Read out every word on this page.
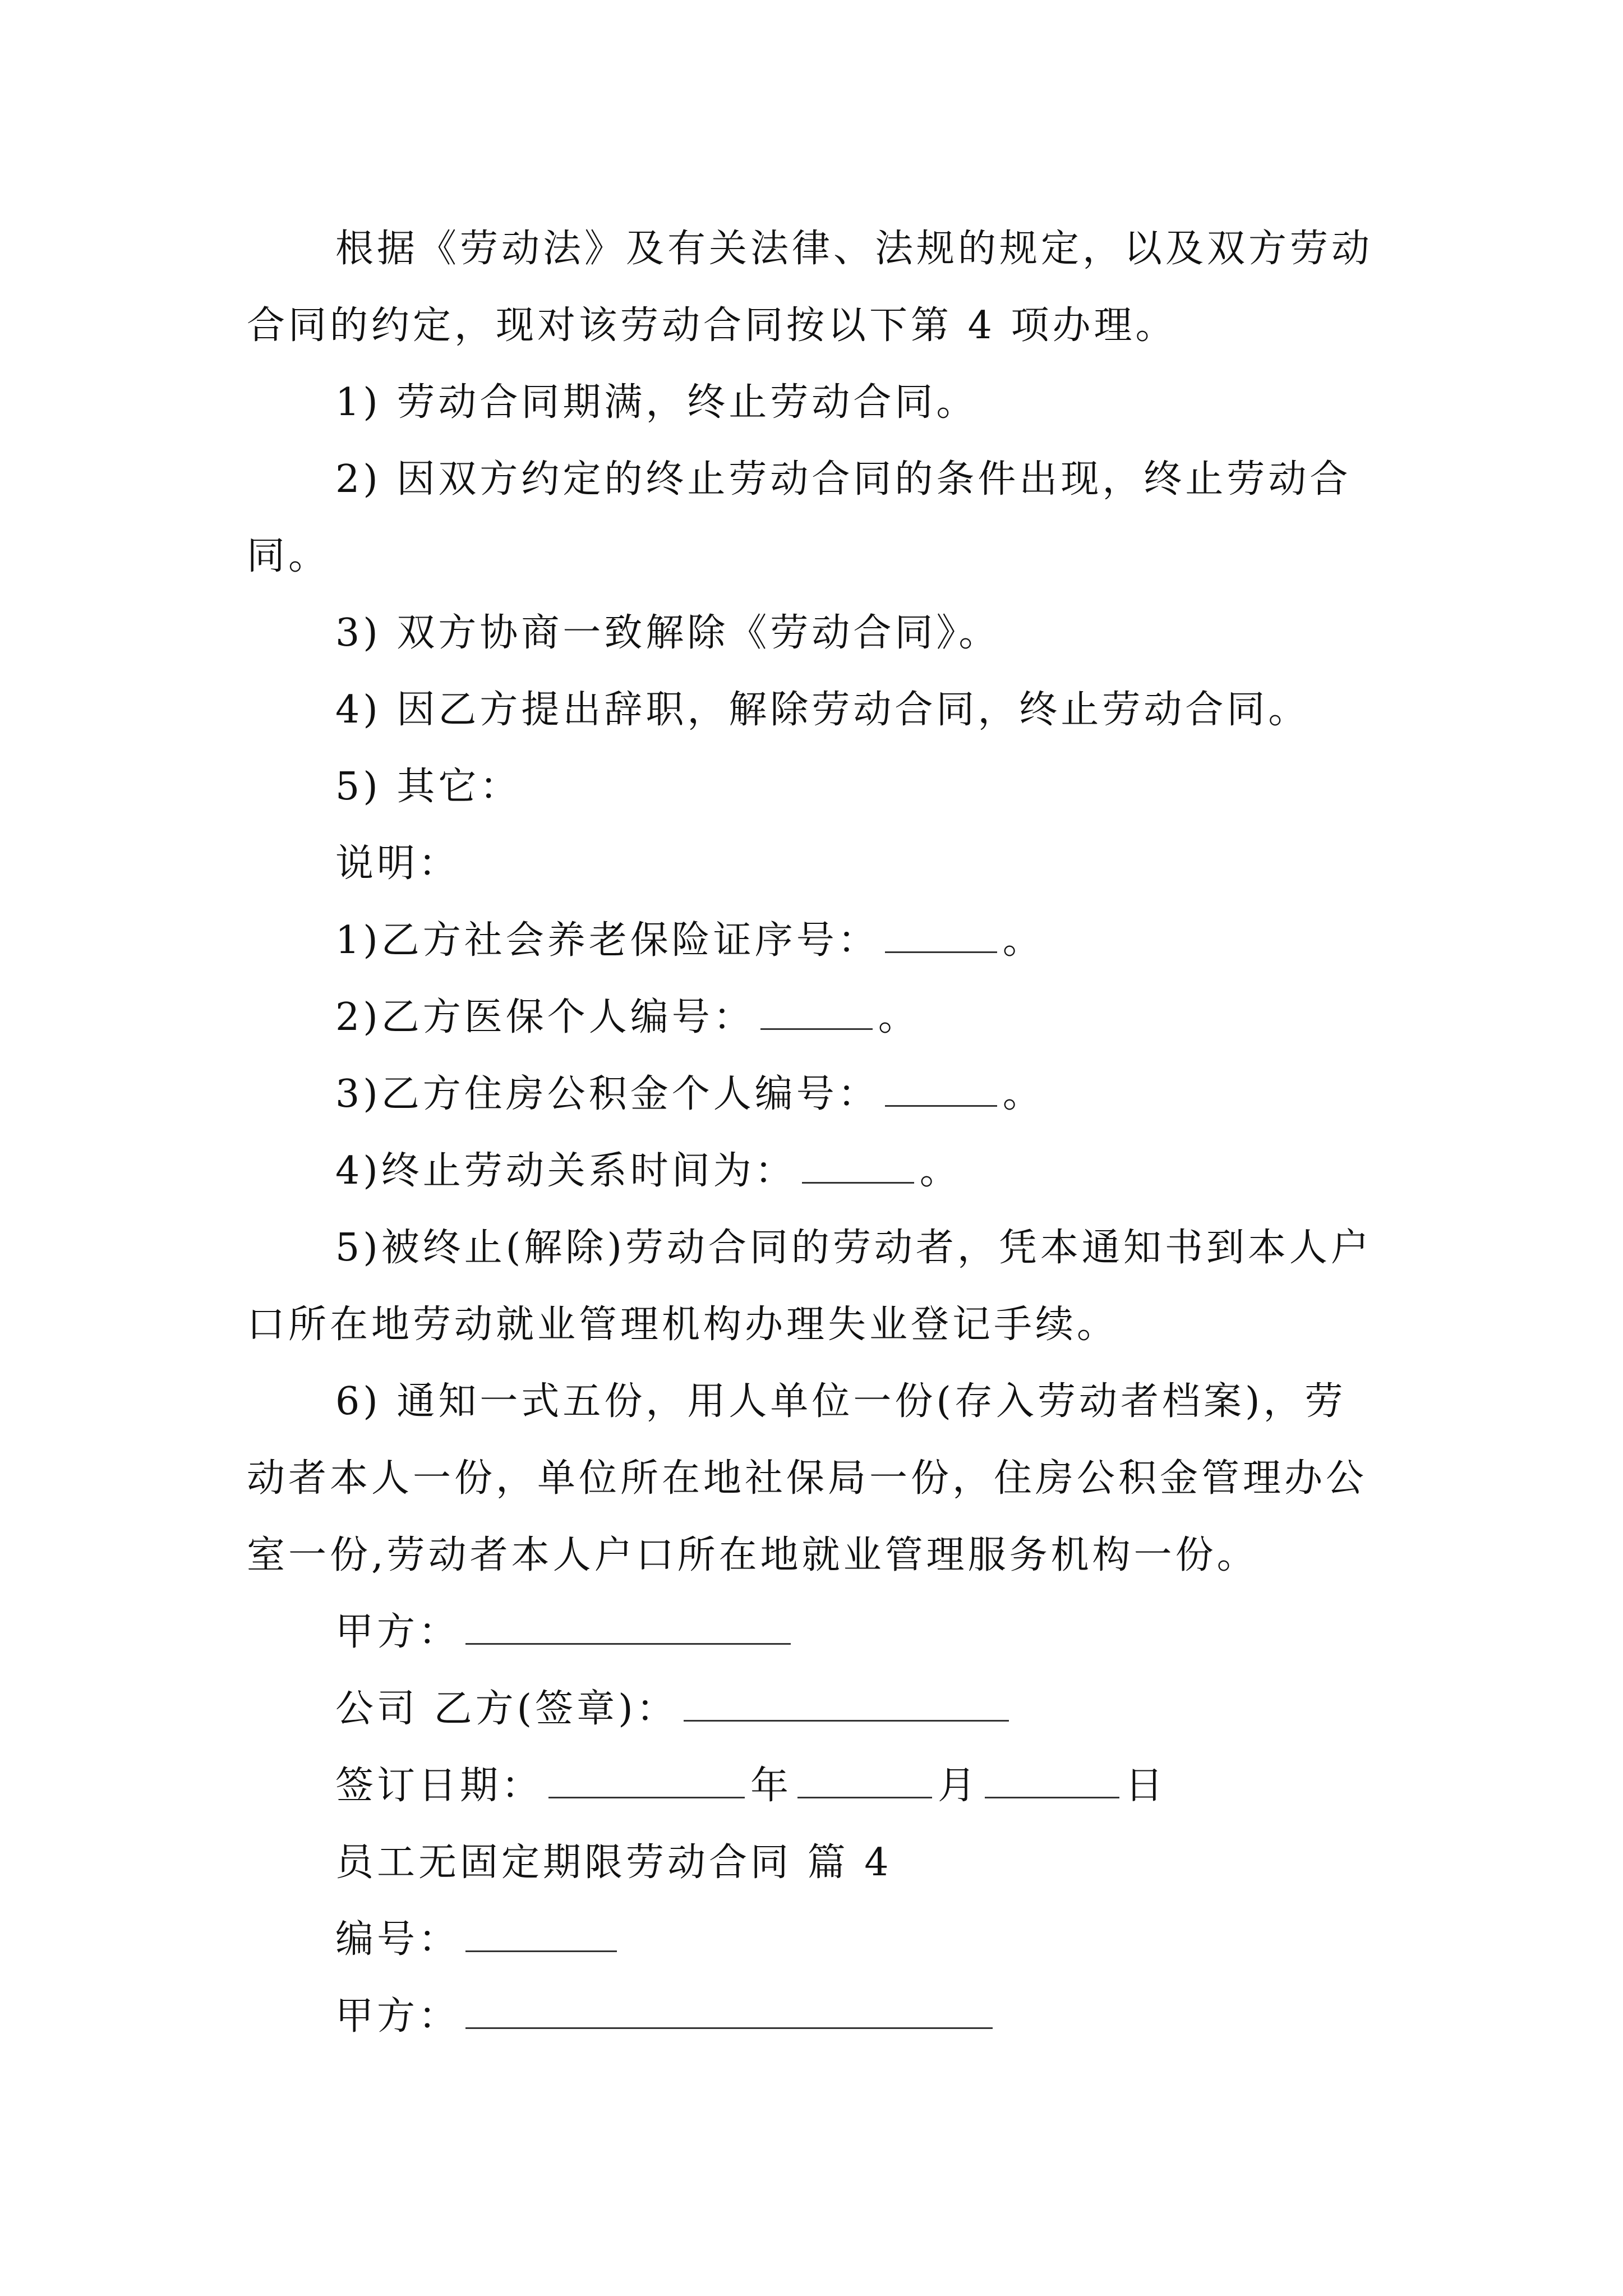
根据《劳动法》及有关法律、法规的规定，以及双方劳动合同的约定，现对该劳动合同按以下第 4 项办理。

1) 劳动合同期满，终止劳动合同。

2) 因双方约定的终止劳动合同的条件出现，终止劳动合同。

3) 双方协商一致解除《劳动合同》。

4) 因乙方提出辞职，解除劳动合同，终止劳动合同。

5) 其它：

说明：

1)乙方社会养老保险证序号：	。

2)乙方医保个人编号：	。

3)乙方住房公积金个人编号：	。

4)终止劳动关系时间为：	。

5)被终止(解除)劳动合同的劳动者，凭本通知书到本人户口所在地劳动就业管理机构办理失业登记手续。

6) 通知一式五份，用人单位一份(存入劳动者档案)，劳动者本人一份，单位所在地社保局一份，住房公积金管理办公室一份,劳动者本人户口所在地就业管理服务机构一份。

甲方：

公司 乙方(签章)：

签订日期：	年	月	日

员工无固定期限劳动合同 篇 4

编号：

甲方：
